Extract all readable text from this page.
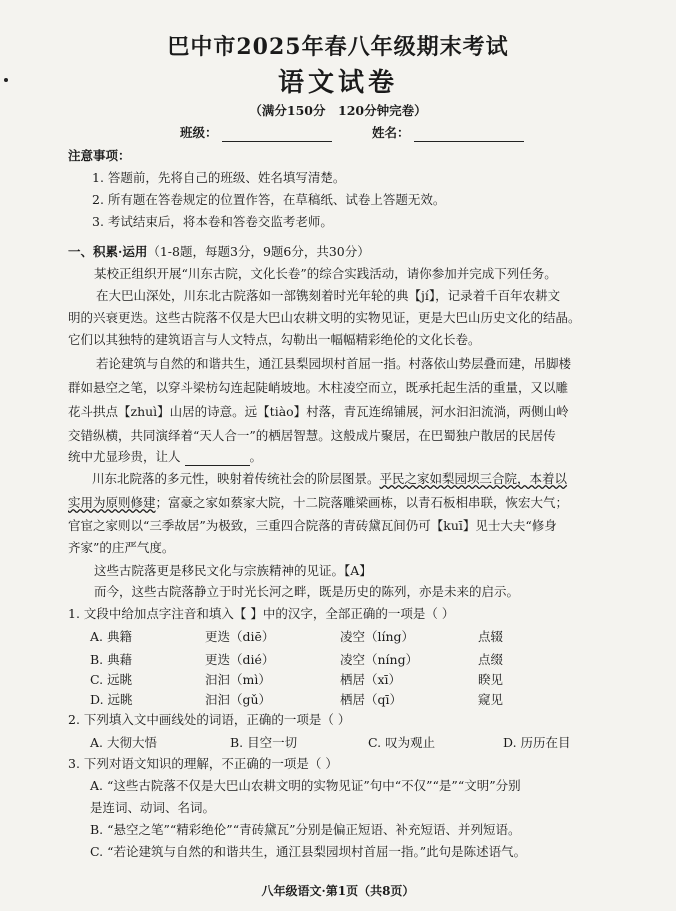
巴中市2025年春八年级期末考试
语文试卷
（满分150分　120分钟完卷）
班级：	姓名：
注意事项：
1. 答题前，先将自己的班级、姓名填写清楚。
2. 所有题在答卷规定的位置作答，在草稿纸、试卷上答题无效。
3. 考试结束后，将本卷和答卷交监考老师。
一、积累·运用（1-8题，每题3分，9题6分，共30分）
某校正组织开展“川东古院，文化长卷”的综合实践活动，请你参加并完成下列任务。
在大巴山深处，川东北古院落如一部镌刻着时光年轮的典【jí】，记录着千百年农耕文
明的兴衰更迭。这些古院落不仅是大巴山农耕文明的实物见证，更是大巴山历史文化的结晶。
它们以其独特的建筑语言与人文特点，勾勒出一幅幅精彩绝伦的文化长卷。
若论建筑与自然的和谐共生，通江县梨园坝村首屈一指。村落依山势层叠而建，吊脚楼
群如悬空之笔，以穿斗梁枋勾连起陡峭坡地。木柱凌空而立，既承托起生活的重量，又以雕
花斗拱点【zhuì】山居的诗意。远【tiào】村落，青瓦连绵铺展，河水汩汩流淌，两侧山岭
交错纵横，共同演绎着“天人合一”的栖居智慧。这般成片聚居，在巴蜀独户散居的民居传
统中尤显珍贵，让人	。
川东北院落的多元性，映射着传统社会的阶层图景。平民之家如梨园坝三合院，本着以
实用为原则修建；富豪之家如蔡家大院，十二院落雕梁画栋，以青石板相串联，恢宏大气；
官宦之家则以“三季故居”为极致，三重四合院落的青砖黛瓦间仍可【kuī】见士大夫“修身
齐家”的庄严气度。
这些古院落更是移民文化与宗族精神的见证。【A】
而今，这些古院落静立于时光长河之畔，既是历史的陈列，亦是未来的启示。
1. 文段中给加点字注音和填入【 】中的汉字，全部正确的一项是（ ）
A. 典籍	更迭（diē）	凌空（líng）	点辍
B. 典藉	更迭（dié）	凌空（níng）	点缀
C. 远眺	汩汩（mì）	栖居（xī）	睽见
D. 远眺	汩汩（gǔ）	栖居（qī）	窥见
2. 下列填入文中画线处的词语，正确的一项是（ ）
A. 大彻大悟	B. 目空一切	C. 叹为观止	D. 历历在目
3. 下列对语文知识的理解，不正确的一项是（ ）
A. “这些古院落不仅是大巴山农耕文明的实物见证”句中“不仅”“是”“文明”分别
是连词、动词、名词。
B. “悬空之笔”“精彩绝伦”“青砖黛瓦”分别是偏正短语、补充短语、并列短语。
C. “若论建筑与自然的和谐共生，通江县梨园坝村首屈一指。”此句是陈述语气。
八年级语文·第1页（共8页）
